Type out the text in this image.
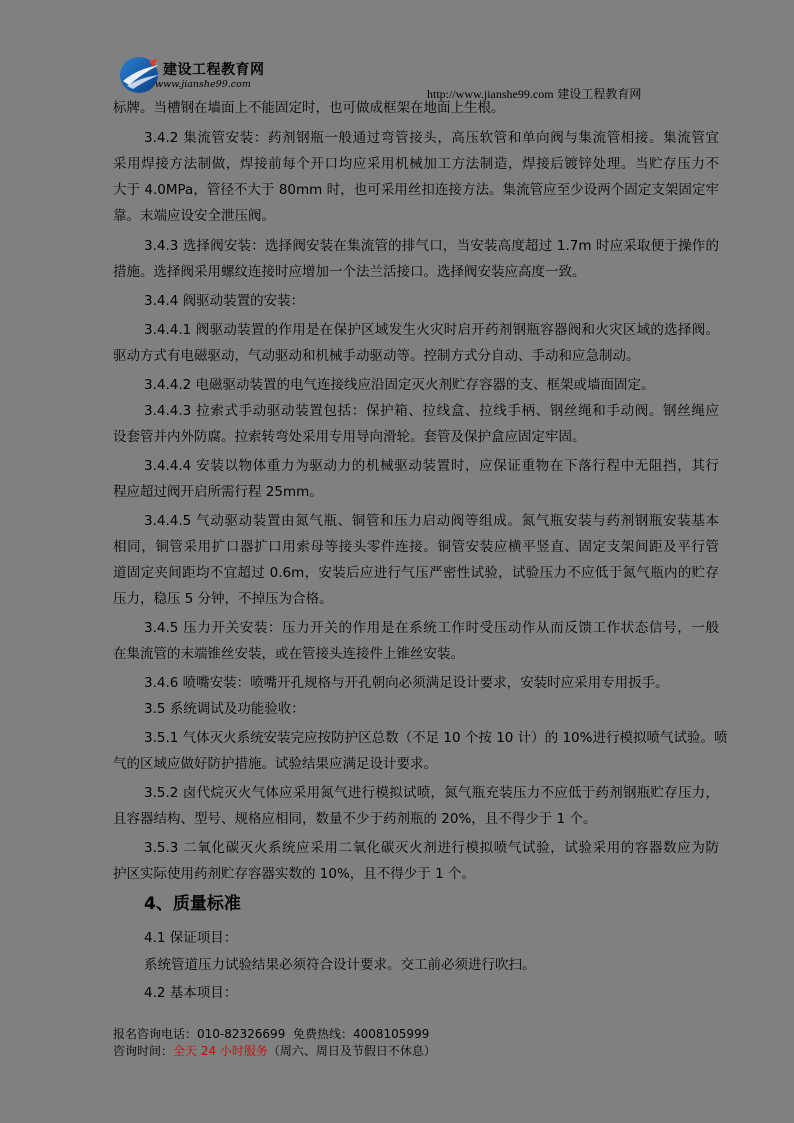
建设工程教育网
www.jianshe99.com
http://www.jianshe99.com 建设工程教育网
标牌。当槽钢在墙面上不能固定时，也可做成框架在地面上生根。
3.4.2 集流管安装：药剂钢瓶一般通过弯管接头，高压软管和单向阀与集流管相接。集流管宜
采用焊接方法制做，焊接前每个开口均应采用机械加工方法制造，焊接后镀锌处理。当贮存压力不
大于 4.0MPa，管径不大于 80mm 时，也可采用丝扣连接方法。集流管应至少设两个固定支架固定牢
靠。末端应设安全泄压阀。
3.4.3 选择阀安装：选择阀安装在集流管的排气口，当安装高度超过 1.7m 时应采取便于操作的
措施。选择阀采用螺纹连接时应增加一个法兰活接口。选择阀安装应高度一致。
3.4.4 阀驱动装置的安装：
3.4.4.1 阀驱动装置的作用是在保护区域发生火灾时启开药剂钢瓶容器阀和火灾区域的选择阀。
驱动方式有电磁驱动，气动驱动和机械手动驱动等。控制方式分自动、手动和应急制动。
3.4.4.2 电磁驱动装置的电气连接线应沿固定灭火剂贮存容器的支、框架或墙面固定。
3.4.4.3 拉索式手动驱动装置包括：保护箱、拉线盒、拉线手柄、钢丝绳和手动阀。钢丝绳应
设套管并内外防腐。拉索转弯处采用专用导向滑轮。套管及保护盒应固定牢固。
3.4.4.4 安装以物体重力为驱动力的机械驱动装置时，应保证重物在下落行程中无阻挡，其行
程应超过阀开启所需行程 25mm。
3.4.4.5 气动驱动装置由氮气瓶、铜管和压力启动阀等组成。氮气瓶安装与药剂钢瓶安装基本
相同，铜管采用扩口器扩口用索母等接头零件连接。铜管安装应横平竖直、固定支架间距及平行管
道固定夹间距均不宜超过 0.6m，安装后应进行气压严密性试验，试验压力不应低于氮气瓶内的贮存
压力，稳压 5 分钟，不掉压为合格。
3.4.5 压力开关安装：压力开关的作用是在系统工作时受压动作从而反馈工作状态信号，一般
在集流管的末端锥丝安装，或在管接头连接件上锥丝安装。
3.4.6 喷嘴安装：喷嘴开孔规格与开孔朝向必须满足设计要求，安装时应采用专用扳手。
3.5 系统调试及功能验收：
3.5.1 气体灭火系统安装完应按防护区总数（不足 10 个按 10 计）的 10%进行模拟喷气试验。喷
气的区域应做好防护措施。试验结果应满足设计要求。
3.5.2 卤代烷灭火气体应采用氮气进行模拟试喷，氮气瓶充装压力不应低于药剂钢瓶贮存压力，
且容器结构、型号、规格应相同，数量不少于药剂瓶的 20%，且不得少于 1 个。
3.5.3 二氧化碳灭火系统应采用二氧化碳灭火剂进行模拟喷气试验，试验采用的容器数应为防
护区实际使用药剂贮存容器实数的 10%，且不得少于 1 个。
4、质量标准
4.1 保证项目：
系统管道压力试验结果必须符合设计要求。交工前必须进行吹扫。
4.2 基本项目：
报名咨询电话：010-82326699 免费热线：4008105999
咨询时间：全天 24 小时服务（周六、周日及节假日不休息）
